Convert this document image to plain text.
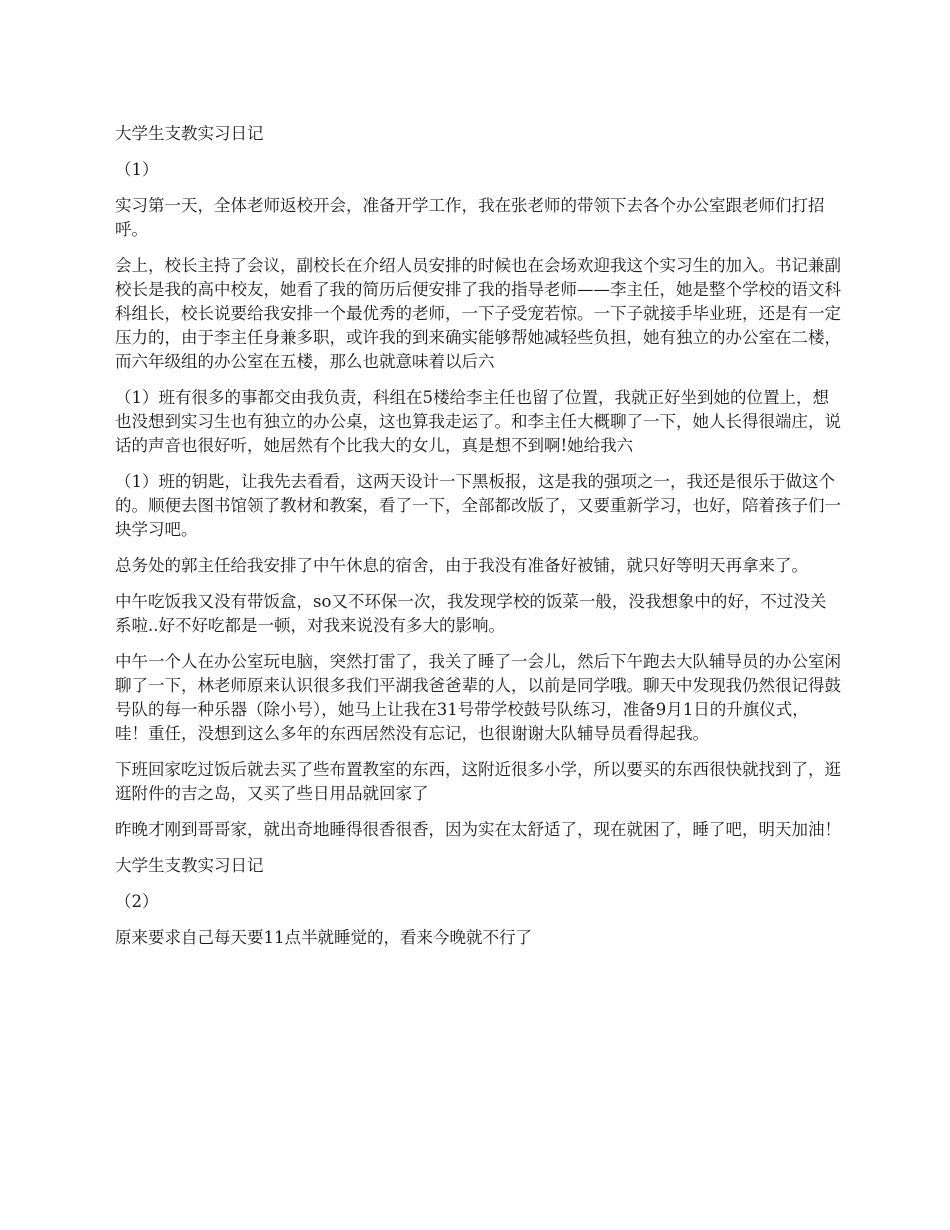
大学生支教实习日记

（1）

实习第一天，全体老师返校开会，准备开学工作，我在张老师的带领下去各个办公室跟老师们打招呼。

会上，校长主持了会议，副校长在介绍人员安排的时候也在会场欢迎我这个实习生的加入。书记兼副校长是我的高中校友，她看了我的简历后便安排了我的指导老师——李主任，她是整个学校的语文科科组长，校长说要给我安排一个最优秀的老师，一下子受宠若惊。一下子就接手毕业班，还是有一定压力的，由于李主任身兼多职，或许我的到来确实能够帮她减轻些负担，她有独立的办公室在二楼，而六年级组的办公室在五楼，那么也就意味着以后六

（1）班有很多的事都交由我负责，科组在5楼给李主任也留了位置，我就正好坐到她的位置上，想也没想到实习生也有独立的办公桌，这也算我走运了。和李主任大概聊了一下，她人长得很端庄，说话的声音也很好听，她居然有个比我大的女儿，真是想不到啊!她给我六

（1）班的钥匙，让我先去看看，这两天设计一下黑板报，这是我的强项之一，我还是很乐于做这个的。顺便去图书馆领了教材和教案，看了一下，全部都改版了，又要重新学习，也好，陪着孩子们一块学习吧。

总务处的郭主任给我安排了中午休息的宿舍，由于我没有准备好被铺，就只好等明天再拿来了。

中午吃饭我又没有带饭盒，so又不环保一次，我发现学校的饭菜一般，没我想象中的好，不过没关系啦..好不好吃都是一顿，对我来说没有多大的影响。

中午一个人在办公室玩电脑，突然打雷了，我关了睡了一会儿，然后下午跑去大队辅导员的办公室闲聊了一下，林老师原来认识很多我们平湖我爸爸辈的人，以前是同学哦。聊天中发现我仍然很记得鼓号队的每一种乐器（除小号），她马上让我在31号带学校鼓号队练习，准备9月1日的升旗仪式，哇！重任，没想到这么多年的东西居然没有忘记，也很谢谢大队辅导员看得起我。

下班回家吃过饭后就去买了些布置教室的东西，这附近很多小学，所以要买的东西很快就找到了，逛逛附件的吉之岛，又买了些日用品就回家了

昨晚才刚到哥哥家，就出奇地睡得很香很香，因为实在太舒适了，现在就困了，睡了吧，明天加油！

大学生支教实习日记

（2）

原来要求自己每天要11点半就睡觉的，看来今晚就不行了
